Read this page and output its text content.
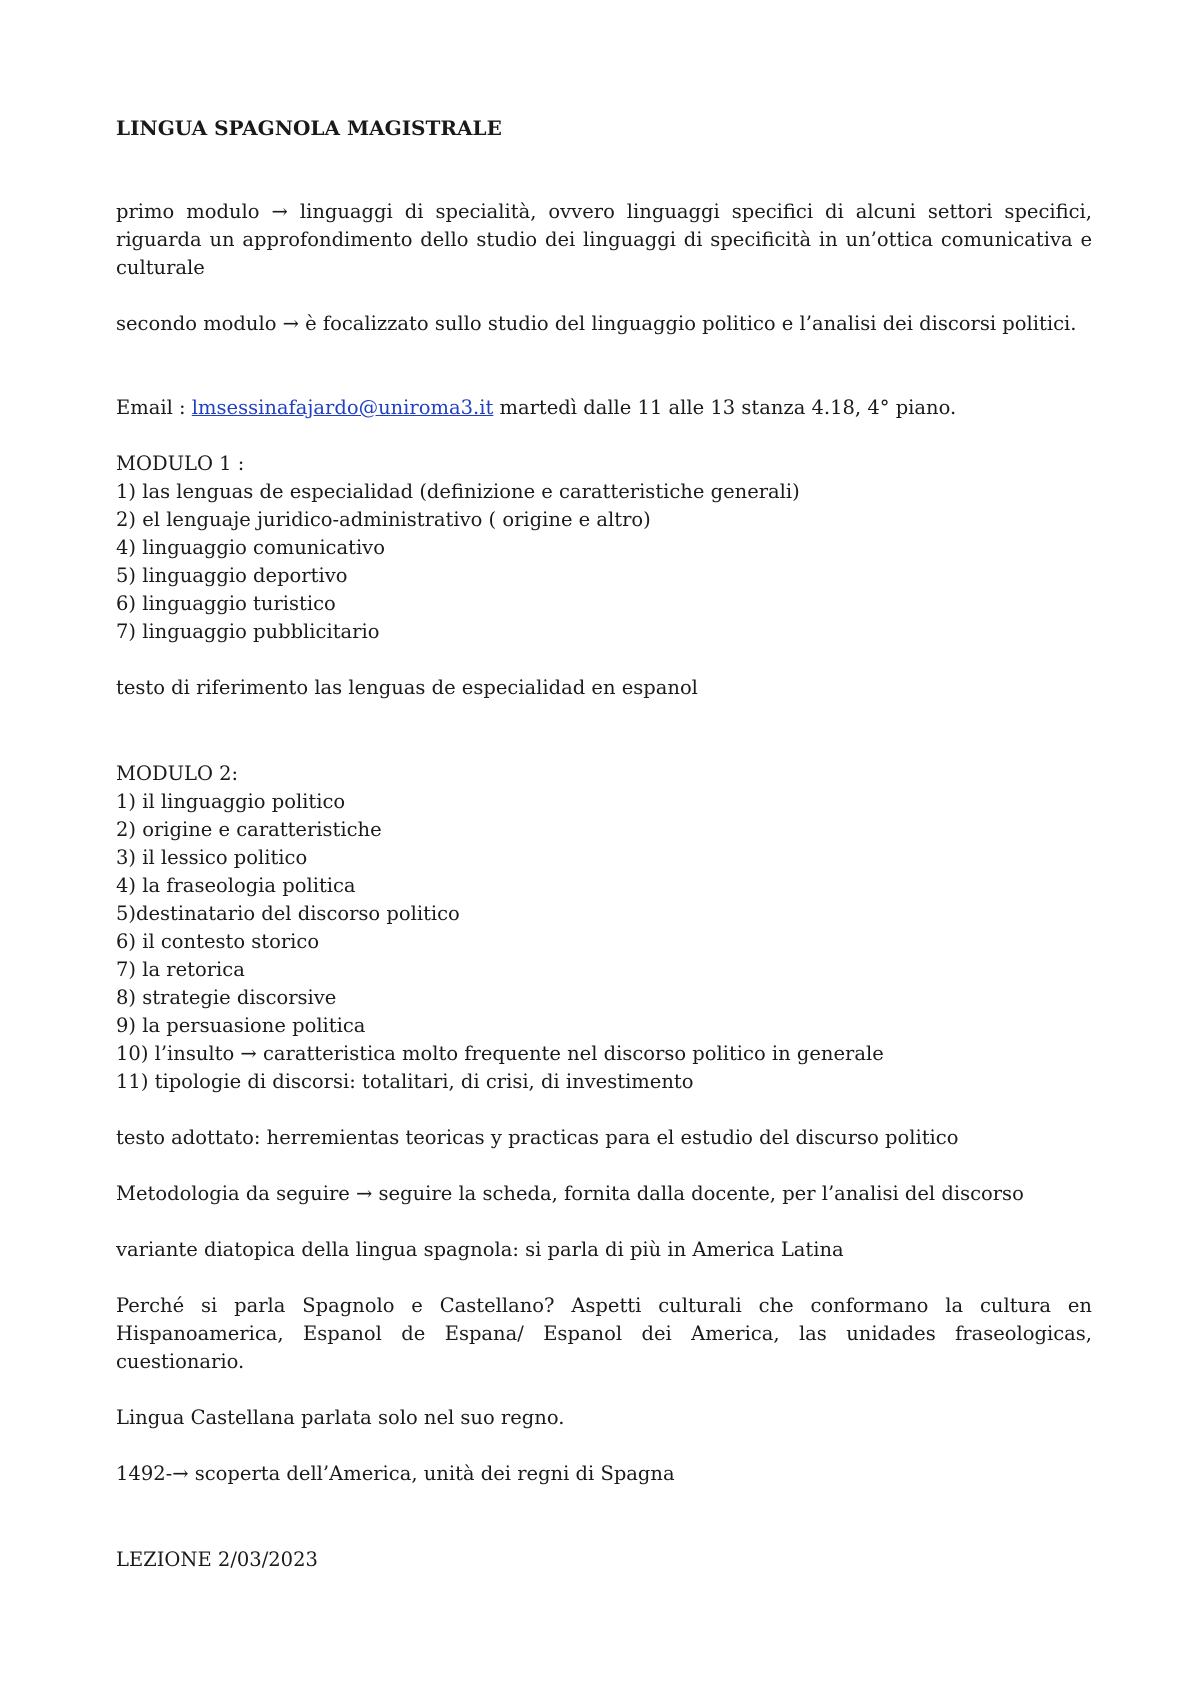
LINGUA SPAGNOLA MAGISTRALE

primo modulo → linguaggi di specialità, ovvero linguaggi specifici di alcuni settori specifici, riguarda un approfondimento dello studio dei linguaggi di specificità in un’ottica comunicativa e culturale

secondo modulo → è focalizzato sullo studio del linguaggio politico e l’analisi dei discorsi politici.

Email : lmsessinafajardo@uniroma3.it martedì dalle 11 alle 13 stanza 4.18, 4° piano.

MODULO 1 :

1) las lenguas de especialidad (definizione e caratteristiche generali)
2) el lenguaje juridico-administrativo ( origine e altro)
4) linguaggio comunicativo
5) linguaggio deportivo
6) linguaggio turistico
7) linguaggio pubblicitario

testo di riferimento las lenguas de especialidad en espanol

MODULO 2:

1) il linguaggio politico
2) origine e caratteristiche
3) il lessico politico
4) la fraseologia politica
5)destinatario del discorso politico
6) il contesto storico
7) la retorica
8) strategie discorsive
9) la persuasione politica
10) l’insulto → caratteristica molto frequente nel discorso politico in generale
11) tipologie di discorsi: totalitari, di crisi, di investimento

testo adottato: herremientas teoricas y practicas para el estudio del discurso politico

Metodologia da seguire → seguire la scheda, fornita dalla docente, per l’analisi del discorso

variante diatopica della lingua spagnola: si parla di più in America Latina

Perché si parla Spagnolo e Castellano? Aspetti culturali che conformano la cultura en Hispanoamerica, Espanol de Espana/ Espanol dei America, las unidades fraseologicas, cuestionario.

Lingua Castellana parlata solo nel suo regno.

1492-→ scoperta dell’America, unità dei regni di Spagna

LEZIONE 2/03/2023
